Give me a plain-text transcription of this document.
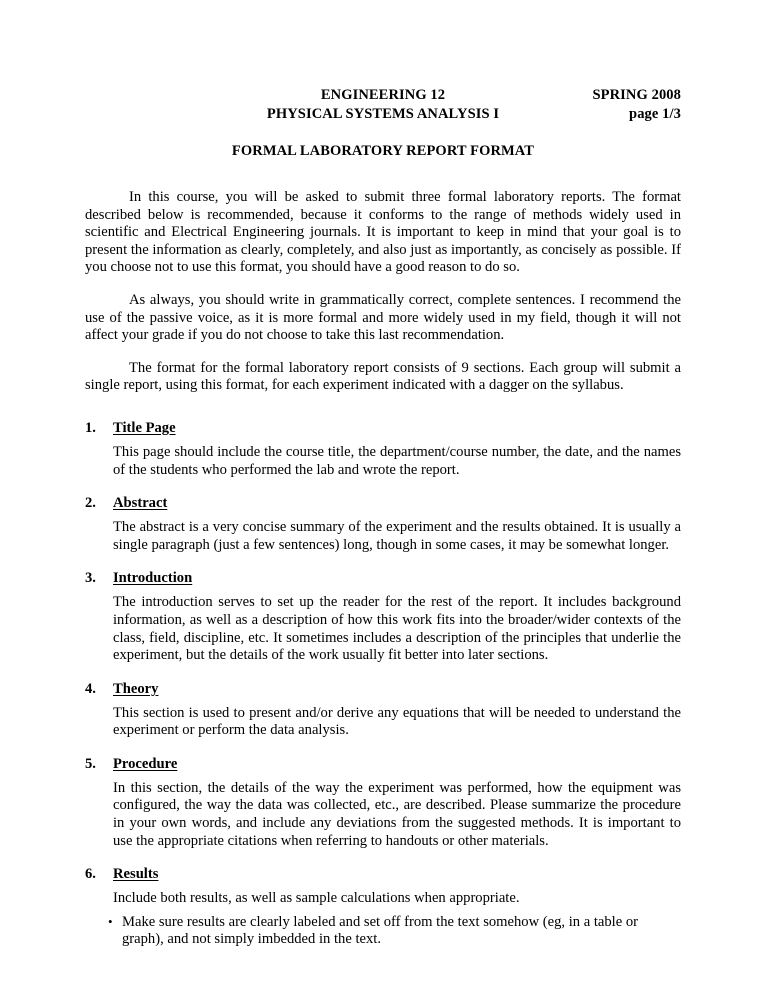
ENGINEERING 12
PHYSICAL SYSTEMS ANALYSIS I
SPRING 2008
page 1/3
FORMAL LABORATORY REPORT FORMAT

In this course, you will be asked to submit three formal laboratory reports. The format described below is recommended, because it conforms to the range of methods widely used in scientific and Electrical Engineering journals. It is important to keep in mind that your goal is to present the information as clearly, completely, and also just as importantly, as concisely as possible. If you choose not to use this format, you should have a good reason to do so.

As always, you should write in grammatically correct, complete sentences. I recommend the use of the passive voice, as it is more formal and more widely used in my field, though it will not affect your grade if you do not choose to take this last recommendation.

The format for the formal laboratory report consists of 9 sections. Each group will submit a single report, using this format, for each experiment indicated with a dagger on the syllabus.

1. Title Page
This page should include the course title, the department/course number, the date, and the names of the students who performed the lab and wrote the report.
2. Abstract
The abstract is a very concise summary of the experiment and the results obtained. It is usually a single paragraph (just a few sentences) long, though in some cases, it may be somewhat longer.
3. Introduction
The introduction serves to set up the reader for the rest of the report. It includes background information, as well as a description of how this work fits into the broader/wider contexts of the class, field, discipline, etc. It sometimes includes a description of the principles that underlie the experiment, but the details of the work usually fit better into later sections.
4. Theory
This section is used to present and/or derive any equations that will be needed to understand the experiment or perform the data analysis.
5. Procedure
In this section, the details of the way the experiment was performed, how the equipment was configured, the way the data was collected, etc., are described. Please summarize the procedure in your own words, and include any deviations from the suggested methods. It is important to use the appropriate citations when referring to handouts or other materials.
6. Results
Include both results, as well as sample calculations when appropriate.
• Make sure results are clearly labeled and set off from the text somehow (eg, in a table or graph), and not simply imbedded in the text.
